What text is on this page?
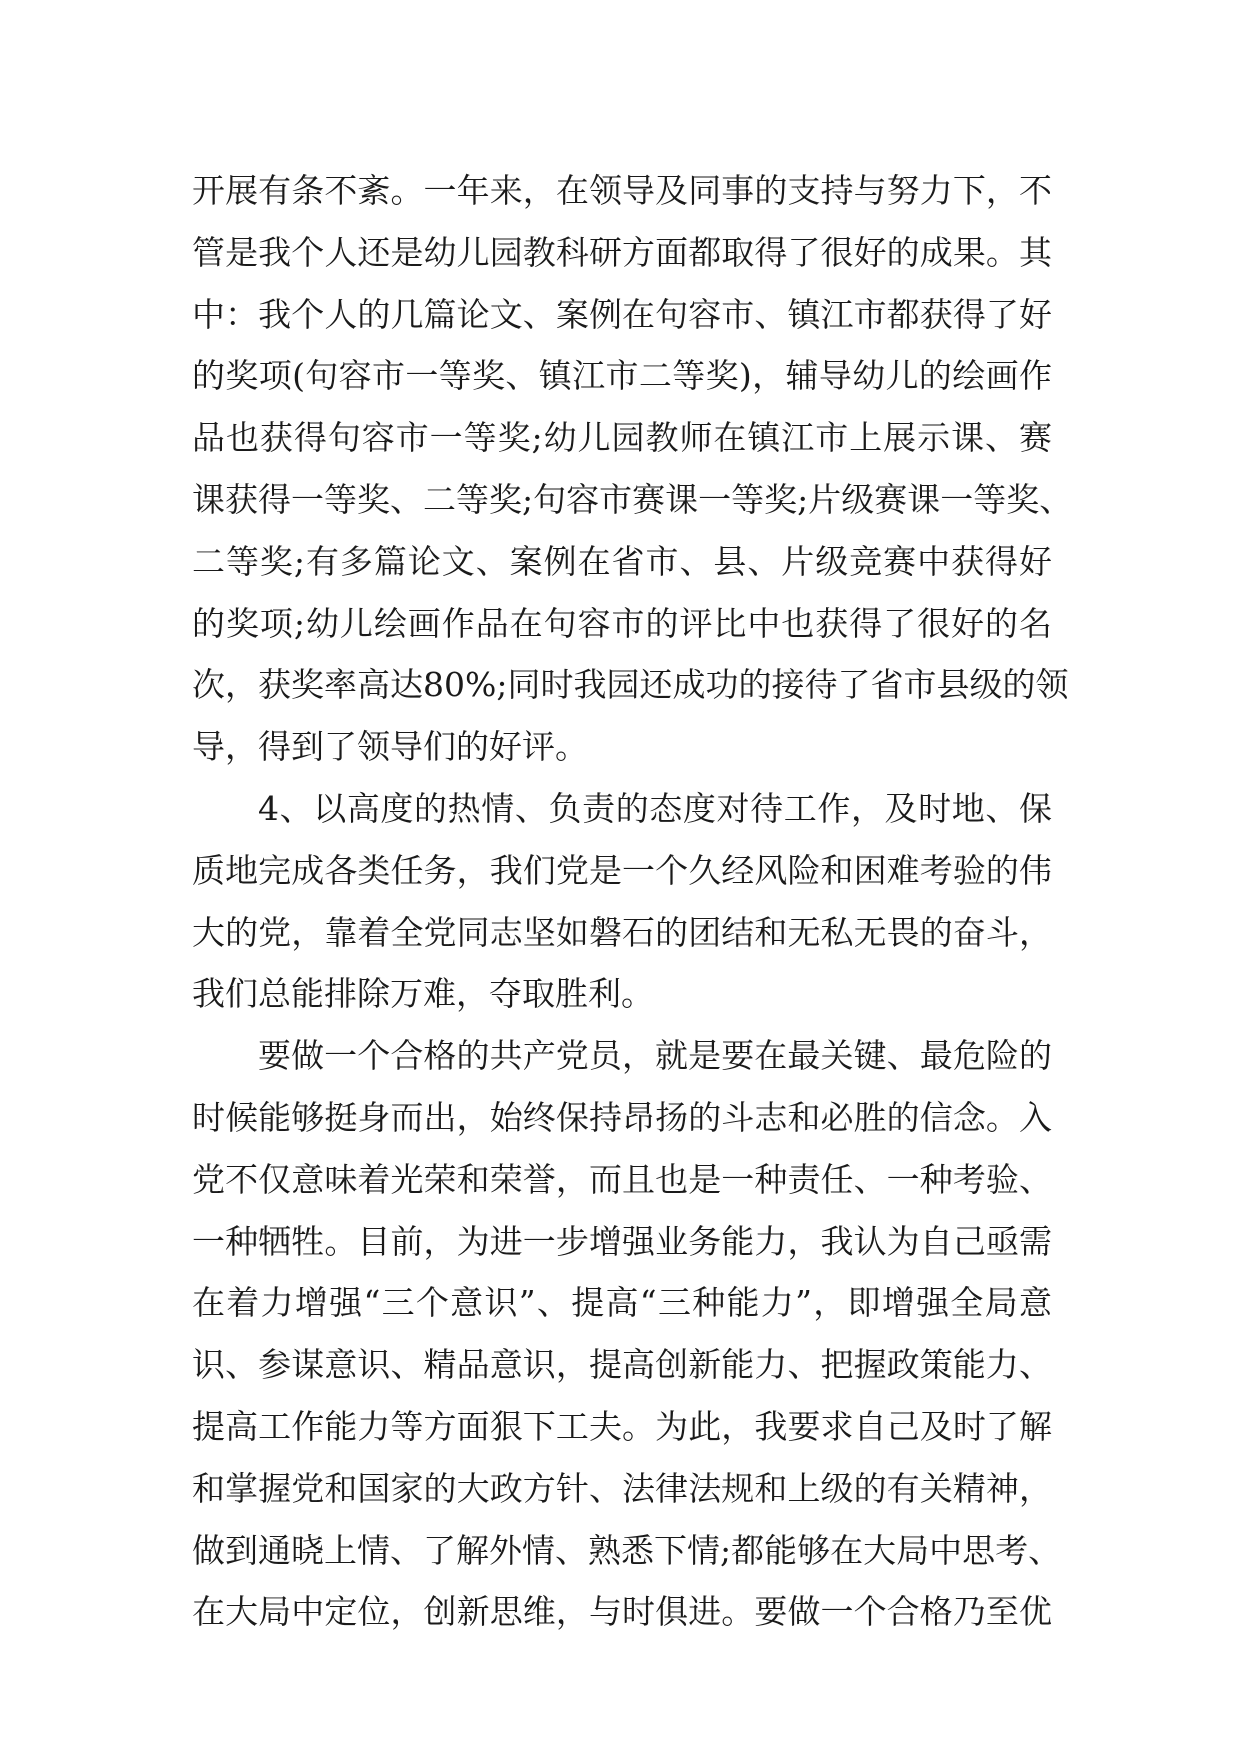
开展有条不紊。一年来，在领导及同事的支持与努力下，不
管是我个人还是幼儿园教科研方面都取得了很好的成果。其
中：我个人的几篇论文、案例在句容市、镇江市都获得了好
的奖项(句容市一等奖、镇江市二等奖)，辅导幼儿的绘画作
品也获得句容市一等奖;幼儿园教师在镇江市上展示课、赛
课获得一等奖、二等奖;句容市赛课一等奖;片级赛课一等奖、
二等奖;有多篇论文、案例在省市、县、片级竞赛中获得好
的奖项;幼儿绘画作品在句容市的评比中也获得了很好的名
次，获奖率高达80%;同时我园还成功的接待了省市县级的领
导，得到了领导们的好评。
4、以高度的热情、负责的态度对待工作，及时地、保
质地完成各类任务，我们党是一个久经风险和困难考验的伟
大的党，靠着全党同志坚如磐石的团结和无私无畏的奋斗，
我们总能排除万难，夺取胜利。
要做一个合格的共产党员，就是要在最关键、最危险的
时候能够挺身而出，始终保持昂扬的斗志和必胜的信念。入
党不仅意味着光荣和荣誉，而且也是一种责任、一种考验、
一种牺牲。目前，为进一步增强业务能力，我认为自己亟需
在着力增强“三个意识”、提高“三种能力”，即增强全局意
识、参谋意识、精品意识，提高创新能力、把握政策能力、
提高工作能力等方面狠下工夫。为此，我要求自己及时了解
和掌握党和国家的大政方针、法律法规和上级的有关精神，
做到通晓上情、了解外情、熟悉下情;都能够在大局中思考、
在大局中定位，创新思维，与时俱进。要做一个合格乃至优
